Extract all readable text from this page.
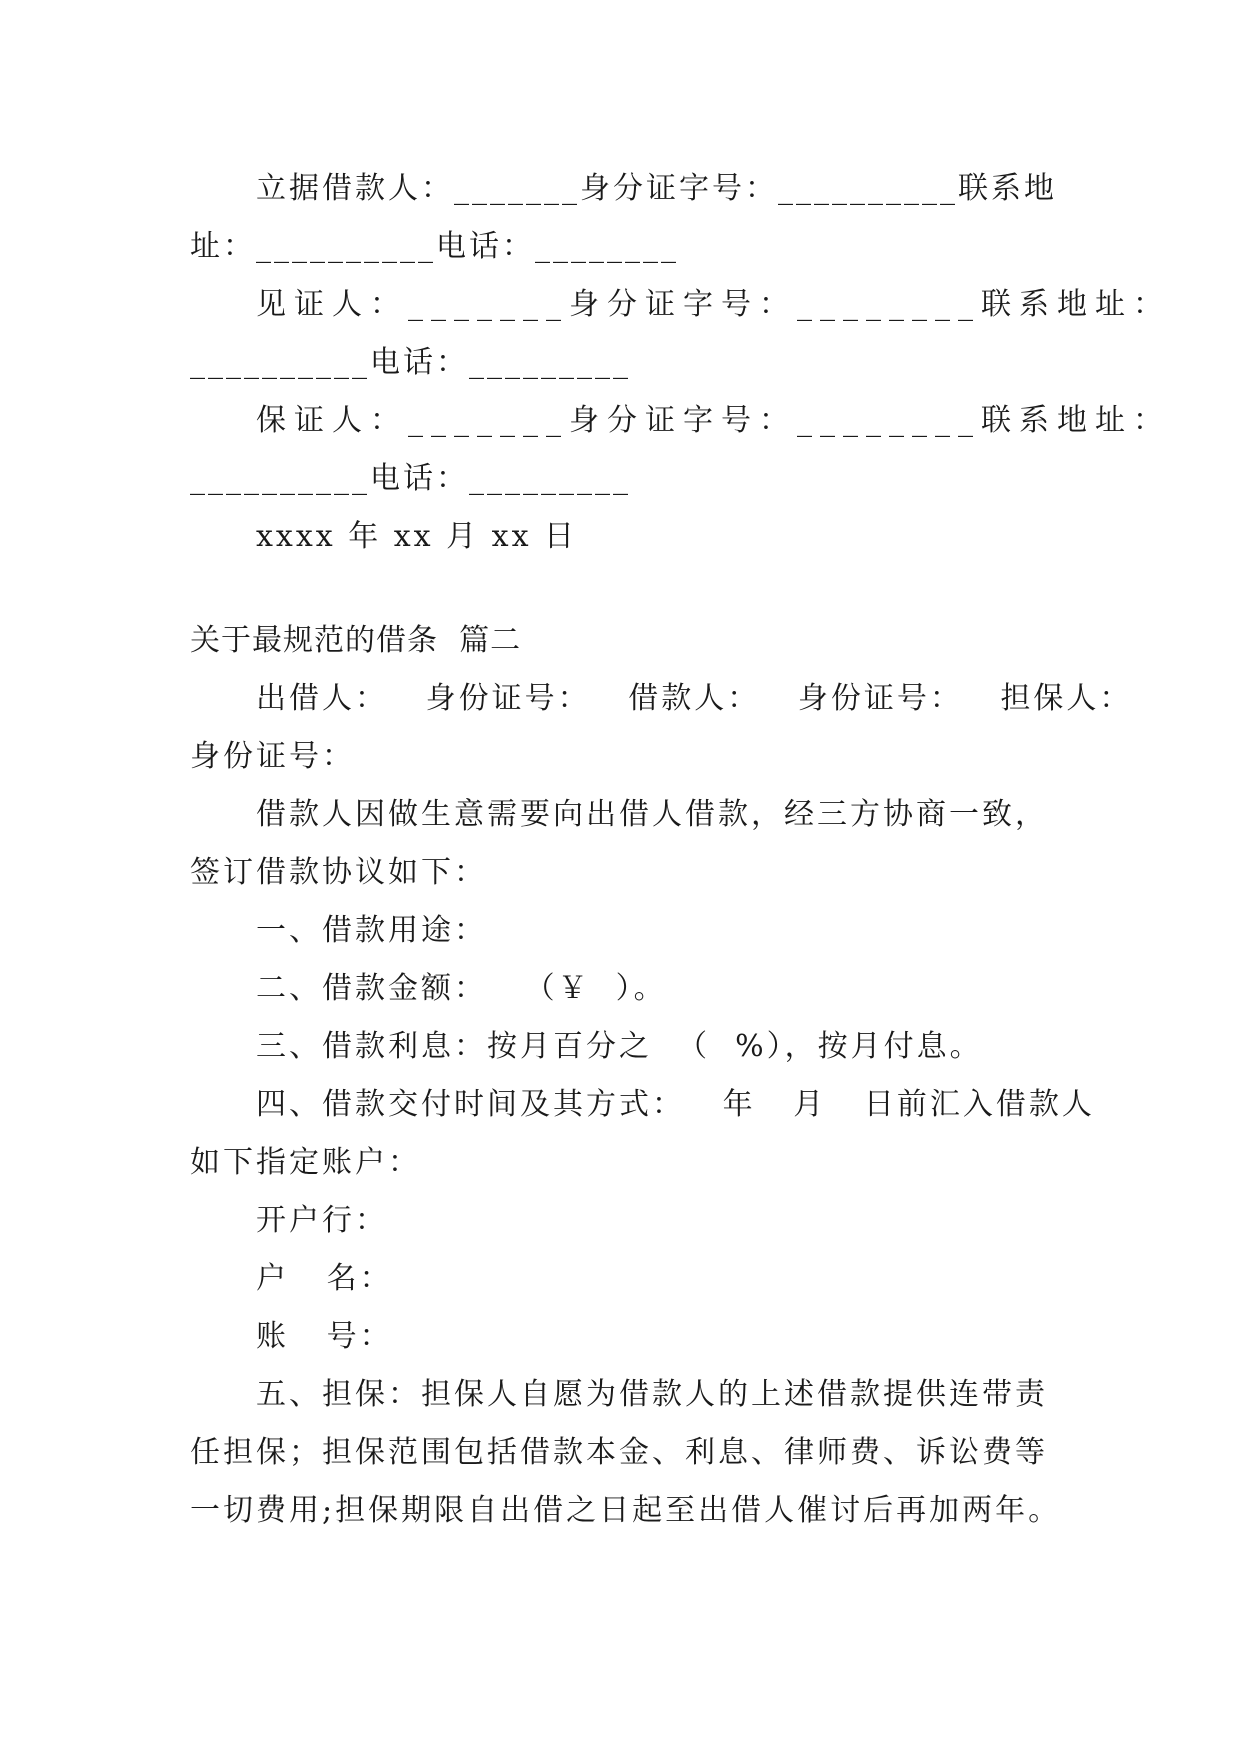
立据借款人：_______身分证字号：__________联系地

址：__________电话：________

见证人：_______身分证字号：________联系地址：

__________电话：_________

保证人：_______身分证字号：________联系地址：

__________电话：_________

xxxx 年 xx 月 xx 日

关于最规范的借条  篇二

出借人：   身份证号：   借款人：   身份证号：   担保人：

身份证号：

借款人因做生意需要向出借人借款，经三方协商一致，

签订借款协议如下：

一、借款用途：

二、借款金额：   （￥  ）。

三、借款利息：按月百分之  （  %），按月付息。

四、借款交付时间及其方式：   年   月   日前汇入借款人

如下指定账户：

开户行：

户   名：

账   号：

五、担保：担保人自愿为借款人的上述借款提供连带责

任担保；担保范围包括借款本金、利息、律师费、诉讼费等

一切费用;担保期限自出借之日起至出借人催讨后再加两年。
